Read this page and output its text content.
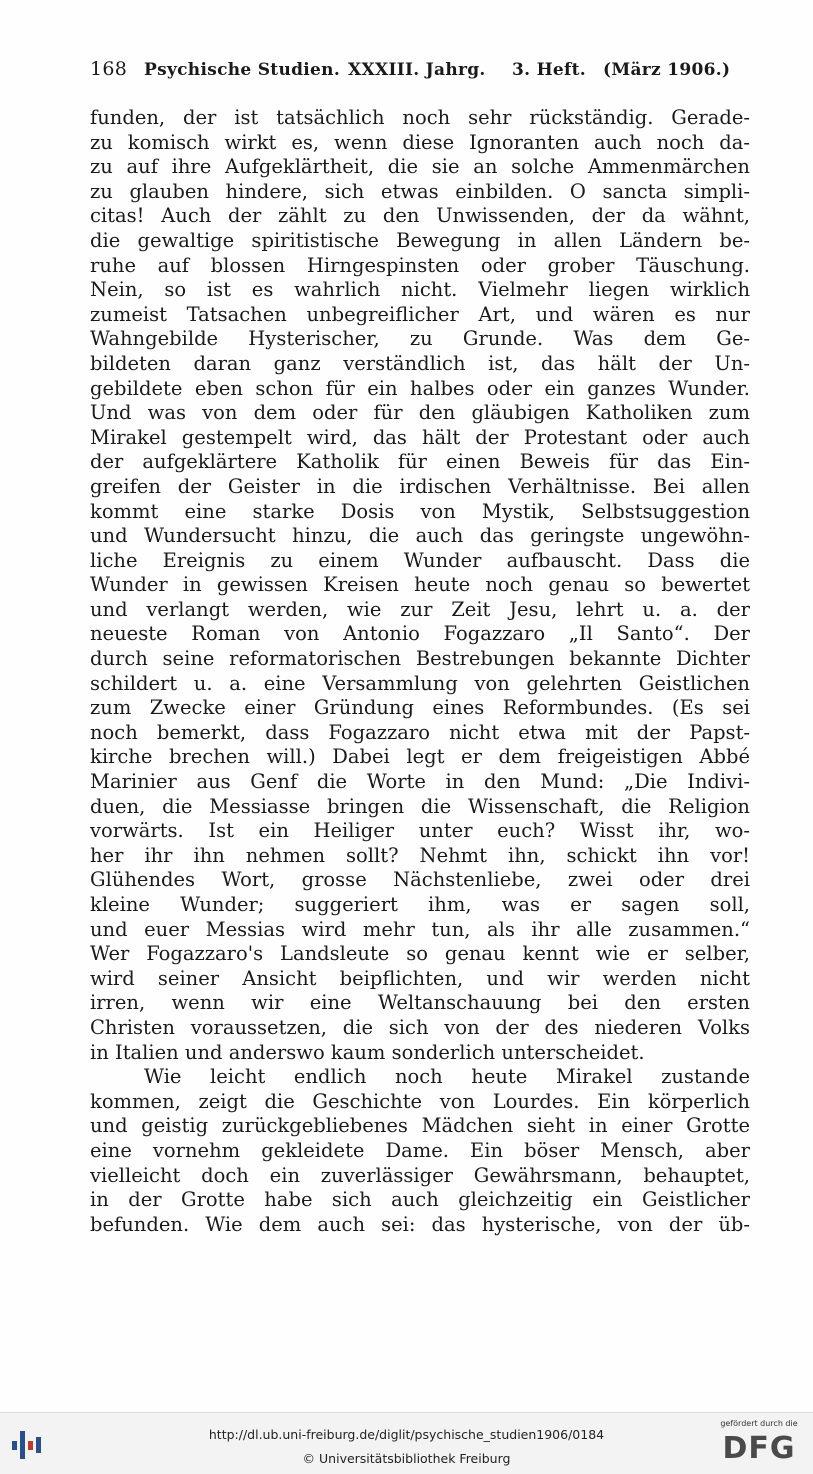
168 Psychische Studien. XXXIII. Jahrg. 3. Heft. (März 1906.)
funden, der ist tatsächlich noch sehr rückständig. Gerade-
zu komisch wirkt es, wenn diese Ignoranten auch noch da-
zu auf ihre Aufgeklärtheit, die sie an solche Ammenmärchen
zu glauben hindere, sich etwas einbilden. O sancta simpli-
citas! Auch der zählt zu den Unwissenden, der da wähnt,
die gewaltige spiritistische Bewegung in allen Ländern be-
ruhe auf blossen Hirngespinsten oder grober Täuschung.
Nein, so ist es wahrlich nicht. Vielmehr liegen wirklich
zumeist Tatsachen unbegreiflicher Art, und wären es nur
Wahngebilde Hysterischer, zu Grunde. Was dem Ge-
bildeten daran ganz verständlich ist, das hält der Un-
gebildete eben schon für ein halbes oder ein ganzes Wunder.
Und was von dem oder für den gläubigen Katholiken zum
Mirakel gestempelt wird, das hält der Protestant oder auch
der aufgeklärtere Katholik für einen Beweis für das Ein-
greifen der Geister in die irdischen Verhältnisse. Bei allen
kommt eine starke Dosis von Mystik, Selbstsuggestion
und Wundersucht hinzu, die auch das geringste ungewöhn-
liche Ereignis zu einem Wunder aufbauscht. Dass die
Wunder in gewissen Kreisen heute noch genau so bewertet
und verlangt werden, wie zur Zeit Jesu, lehrt u. a. der
neueste Roman von Antonio Fogazzaro „Il Santo“. Der
durch seine reformatorischen Bestrebungen bekannte Dichter
schildert u. a. eine Versammlung von gelehrten Geistlichen
zum Zwecke einer Gründung eines Reformbundes. (Es sei
noch bemerkt, dass Fogazzaro nicht etwa mit der Papst-
kirche brechen will.) Dabei legt er dem freigeistigen Abbé
Marinier aus Genf die Worte in den Mund: „Die Indivi-
duen, die Messiasse bringen die Wissenschaft, die Religion
vorwärts. Ist ein Heiliger unter euch? Wisst ihr, wo-
her ihr ihn nehmen sollt? Nehmt ihn, schickt ihn vor!
Glühendes Wort, grosse Nächstenliebe, zwei oder drei
kleine Wunder; suggeriert ihm, was er sagen soll,
und euer Messias wird mehr tun, als ihr alle zusammen.“
Wer Fogazzaro's Landsleute so genau kennt wie er selber,
wird seiner Ansicht beipflichten, und wir werden nicht
irren, wenn wir eine Weltanschauung bei den ersten
Christen voraussetzen, die sich von der des niederen Volks
in Italien und anderswo kaum sonderlich unterscheidet.
Wie leicht endlich noch heute Mirakel zustande
kommen, zeigt die Geschichte von Lourdes. Ein körperlich
und geistig zurückgebliebenes Mädchen sieht in einer Grotte
eine vornehm gekleidete Dame. Ein böser Mensch, aber
vielleicht doch ein zuverlässiger Gewährsmann, behauptet,
in der Grotte habe sich auch gleichzeitig ein Geistlicher
befunden. Wie dem auch sei: das hysterische, von der üb-
http://dl.ub.uni-freiburg.de/diglit/psychische_studien1906/0184
© Universitätsbibliothek Freiburg
gefördert durch die
DFG
